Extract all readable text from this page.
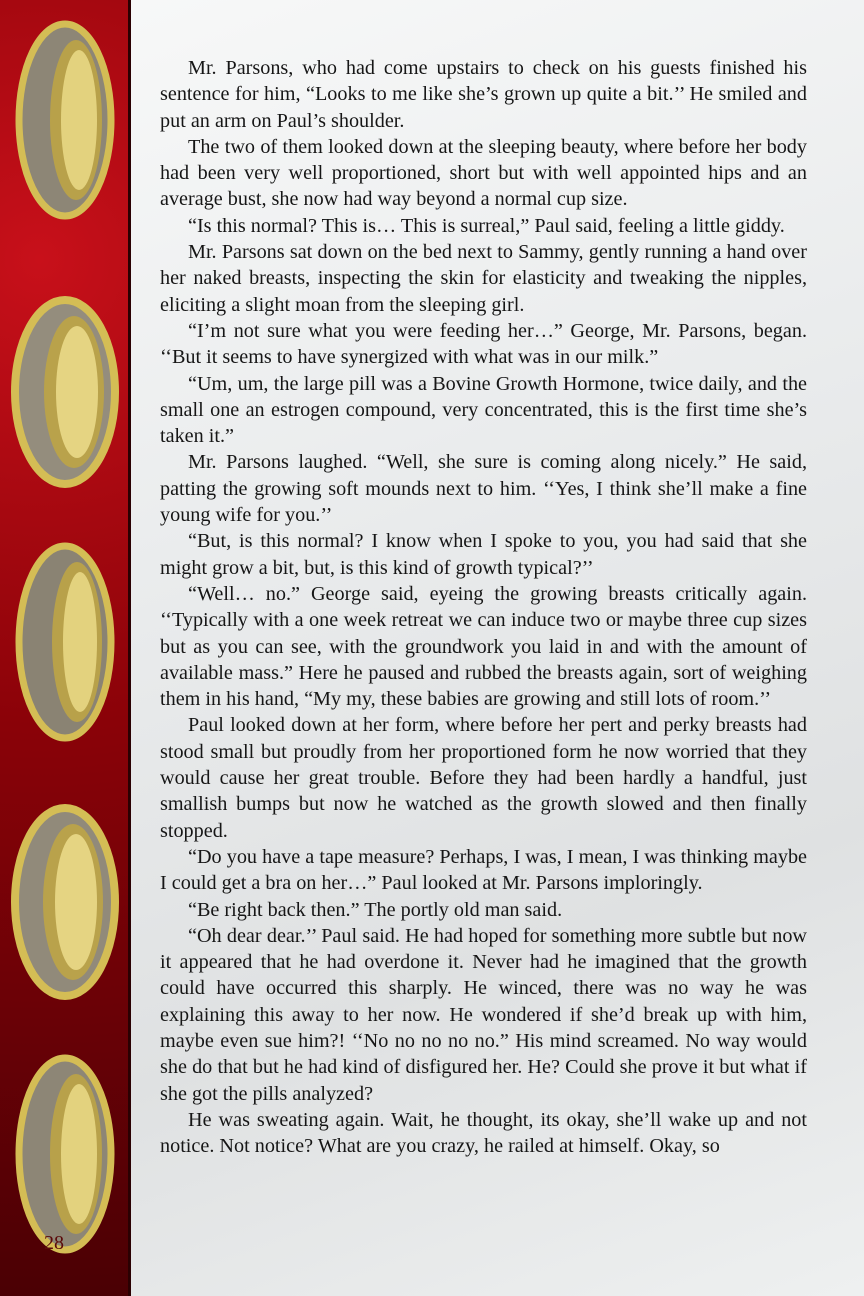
Mr. Parsons, who had come upstairs to check on his guests finished his sentence for him, “Looks to me like she’s grown up quite a bit.’’ He smiled and put an arm on Paul’s shoulder.

The two of them looked down at the sleeping beauty, where before her body had been very well proportioned, short but with well appointed hips and an average bust, she now had way beyond a normal cup size.

“Is this normal? This is… This is surreal,” Paul said, feeling a little giddy.

Mr. Parsons sat down on the bed next to Sammy, gently running a hand over her naked breasts, inspecting the skin for elasticity and tweaking the nipples, eliciting a slight moan from the sleeping girl.

“I’m not sure what you were feeding her…” George, Mr. Parsons, began. ‘‘But it seems to have synergized with what was in our milk.”

“Um, um, the large pill was a Bovine Growth Hormone, twice daily, and the small one an estrogen compound, very concentrated, this is the first time she’s taken it.”

Mr. Parsons laughed. “Well, she sure is coming along nicely.” He said, patting the growing soft mounds next to him. ‘‘Yes, I think she’ll make a fine young wife for you.’’

“But, is this normal? I know when I spoke to you, you had said that she might grow a bit, but, is this kind of growth typical?’’

“Well… no.” George said, eyeing the growing breasts critically again. ‘‘Typically with a one week retreat we can induce two or maybe three cup sizes but as you can see, with the groundwork you laid in and with the amount of available mass.” Here he paused and rubbed the breasts again, sort of weighing them in his hand, “My my, these babies are growing and still lots of room.’’

Paul looked down at her form, where before her pert and perky breasts had stood small but proudly from her proportioned form he now worried that they would cause her great trouble. Before they had been hardly a handful, just smallish bumps but now he watched as the growth slowed and then finally stopped.

“Do you have a tape measure? Perhaps, I was, I mean, I was thinking maybe I could get a bra on her…” Paul looked at Mr. Parsons imploringly.

“Be right back then.” The portly old man said.

“Oh dear dear.’’ Paul said. He had hoped for something more subtle but now it appeared that he had overdone it. Never had he imagined that the growth could have occurred this sharply. He winced, there was no way he was explaining this away to her now. He wondered if she’d break up with him, maybe even sue him?! ‘‘No no no no no.” His mind screamed. No way would she do that but he had kind of disfigured her. He? Could she prove it but what if she got the pills analyzed?

He was sweating again. Wait, he thought, its okay, she’ll wake up and not notice. Not notice? What are you crazy, he railed at himself. Okay, so

28
